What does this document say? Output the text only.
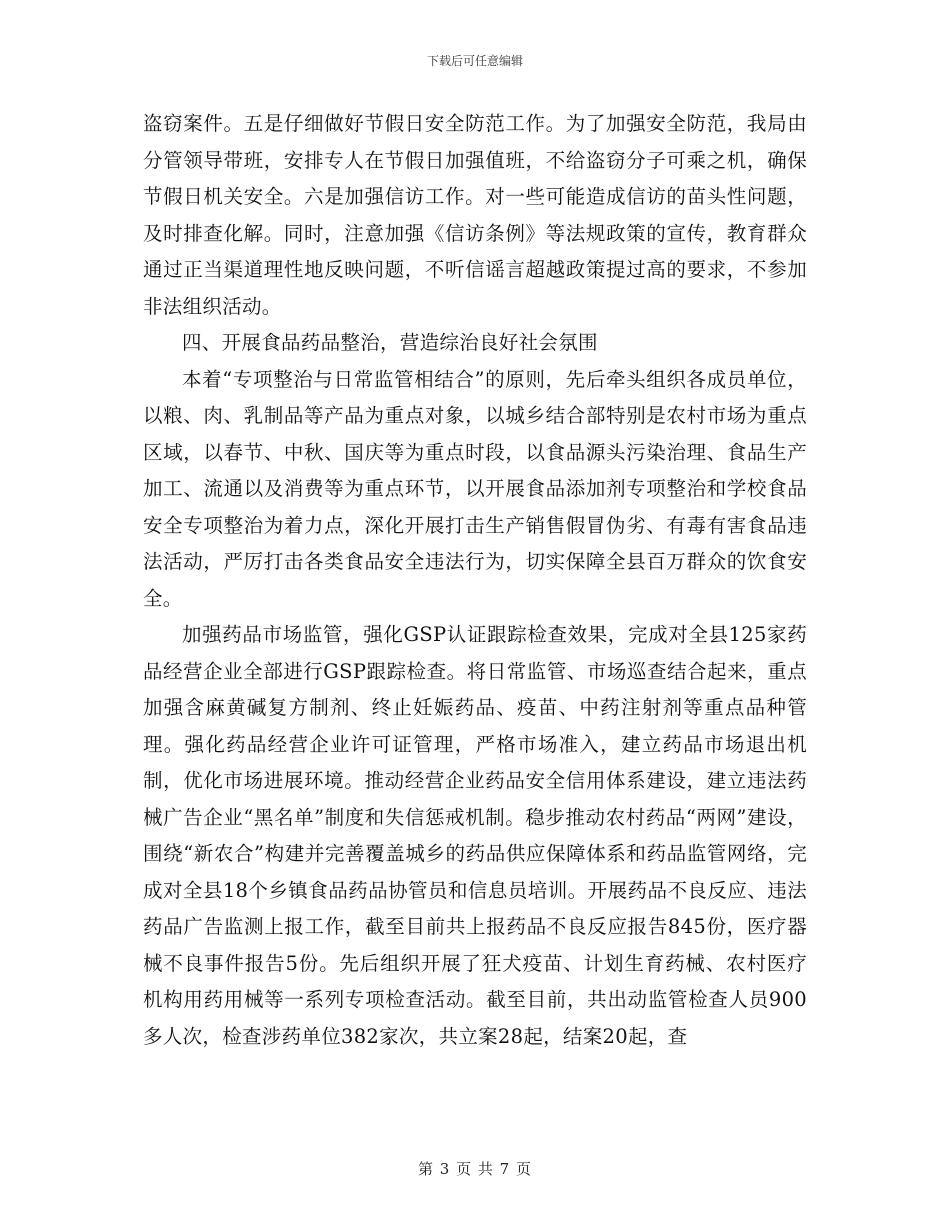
下载后可任意编辑

盗窃案件。五是仔细做好节假日安全防范工作。为了加强安全防范，我局由分管领导带班，安排专人在节假日加强值班，不给盗窃分子可乘之机，确保节假日机关安全。六是加强信访工作。对一些可能造成信访的苗头性问题，及时排查化解。同时，注意加强《信访条例》等法规政策的宣传，教育群众通过正当渠道理性地反映问题，不听信谣言超越政策提过高的要求，不参加非法组织活动。

四、开展食品药品整治，营造综治良好社会氛围

本着“专项整治与日常监管相结合”的原则，先后牵头组织各成员单位，以粮、肉、乳制品等产品为重点对象，以城乡结合部特别是农村市场为重点区域，以春节、中秋、国庆等为重点时段，以食品源头污染治理、食品生产加工、流通以及消费等为重点环节，以开展食品添加剂专项整治和学校食品安全专项整治为着力点，深化开展打击生产销售假冒伪劣、有毒有害食品违法活动，严厉打击各类食品安全违法行为，切实保障全县百万群众的饮食安全。

加强药品市场监管，强化GSP认证跟踪检查效果，完成对全县125家药品经营企业全部进行GSP跟踪检查。将日常监管、市场巡查结合起来，重点加强含麻黄碱复方制剂、终止妊娠药品、疫苗、中药注射剂等重点品种管理。强化药品经营企业许可证管理，严格市场准入，建立药品市场退出机制，优化市场进展环境。推动经营企业药品安全信用体系建设，建立违法药械广告企业“黑名单”制度和失信惩戒机制。稳步推动农村药品“两网”建设，围绕“新农合”构建并完善覆盖城乡的药品供应保障体系和药品监管网络，完成对全县18个乡镇食品药品协管员和信息员培训。开展药品不良反应、违法药品广告监测上报工作，截至目前共上报药品不良反应报告845份，医疗器械不良事件报告5份。先后组织开展了狂犬疫苗、计划生育药械、农村医疗机构用药用械等一系列专项检查活动。截至目前，共出动监管检查人员900多人次，检查涉药单位382家次，共立案28起，结案20起，查

第 3 页 共 7 页
